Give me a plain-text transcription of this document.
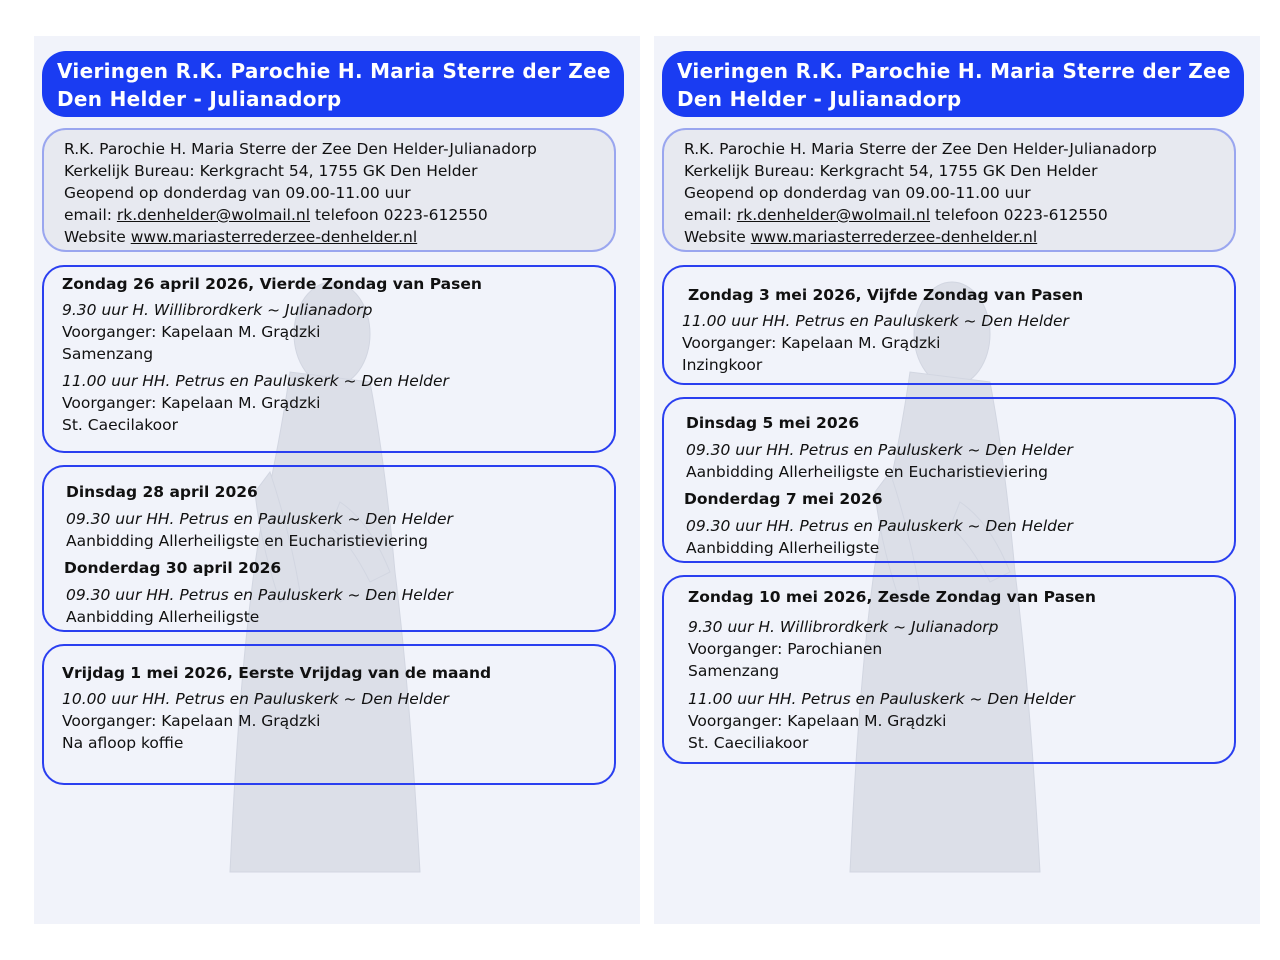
Vieringen R.K. Parochie H. Maria Sterre der Zee
Den Helder - Julianadorp
R.K. Parochie H. Maria Sterre der Zee Den Helder-Julianadorp
Kerkelijk Bureau: Kerkgracht 54, 1755 GK Den Helder
Geopend op donderdag van 09.00-11.00 uur
email: rk.denhelder@wolmail.nl telefoon 0223-612550
Website www.mariasterrederzee-denhelder.nl
Zondag 26 april 2026, Vierde Zondag van Pasen
9.30 uur H. Willibrordkerk ~ Julianadorp
Voorganger: Kapelaan M. Grądzki
Samenzang
11.00 uur HH. Petrus en Pauluskerk ~ Den Helder
Voorganger: Kapelaan M. Grądzki
St. Caecilakoor
Dinsdag 28 april 2026
09.30 uur HH. Petrus en Pauluskerk ~ Den Helder
Aanbidding Allerheiligste en Eucharistieviering
Donderdag 30 april 2026
09.30 uur HH. Petrus en Pauluskerk ~ Den Helder
Aanbidding Allerheiligste
Vrijdag 1 mei 2026, Eerste Vrijdag van de maand
10.00 uur HH. Petrus en Pauluskerk ~ Den Helder
Voorganger: Kapelaan M. Grądzki
Na afloop koffie
Vieringen R.K. Parochie H. Maria Sterre der Zee
Den Helder - Julianadorp
R.K. Parochie H. Maria Sterre der Zee Den Helder-Julianadorp
Kerkelijk Bureau: Kerkgracht 54, 1755 GK Den Helder
Geopend op donderdag van 09.00-11.00 uur
email: rk.denhelder@wolmail.nl telefoon 0223-612550
Website www.mariasterrederzee-denhelder.nl
Zondag 3 mei 2026, Vijfde Zondag van Pasen
11.00 uur HH. Petrus en Pauluskerk ~ Den Helder
Voorganger: Kapelaan M. Grądzki
Inzingkoor
Dinsdag 5 mei 2026
09.30 uur HH. Petrus en Pauluskerk ~ Den Helder
Aanbidding Allerheiligste en Eucharistieviering
Donderdag 7 mei 2026
09.30 uur HH. Petrus en Pauluskerk ~ Den Helder
Aanbidding Allerheiligste
Zondag 10 mei 2026, Zesde Zondag van Pasen
9.30 uur H. Willibrordkerk ~ Julianadorp
Voorganger: Parochianen
Samenzang
11.00 uur HH. Petrus en Pauluskerk ~ Den Helder
Voorganger: Kapelaan M. Grądzki
St. Caeciliakoor
